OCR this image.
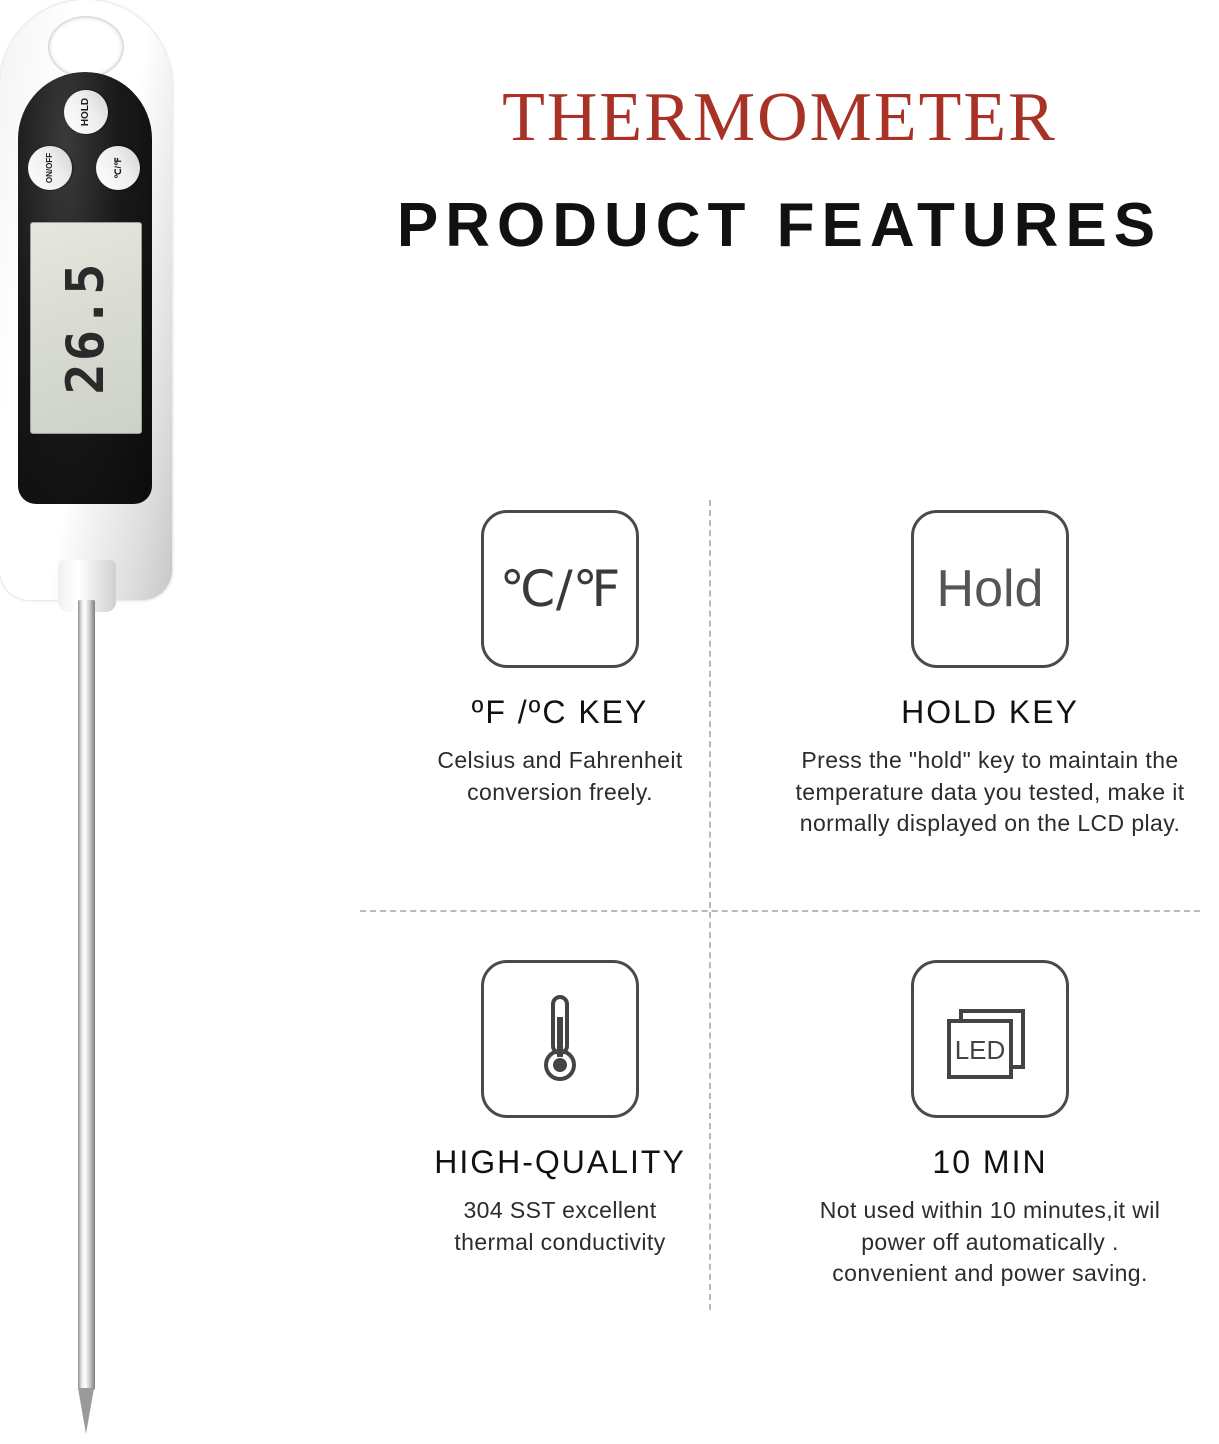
HOLD
ON/OFF	℃/℉
26.5
THERMOMETER
PRODUCT FEATURES
℃/℉
ºF /ºC KEY
Celsius and Fahrenheit
conversion freely.
Hold
HOLD KEY
Press the "hold" key to maintain the
temperature data you tested, make it
normally displayed on the LCD play.
HIGH-QUALITY
304 SST excellent
thermal conductivity
LED
10 MIN
Not used within 10 minutes,it wil
power off automatically .
convenient and power saving.
